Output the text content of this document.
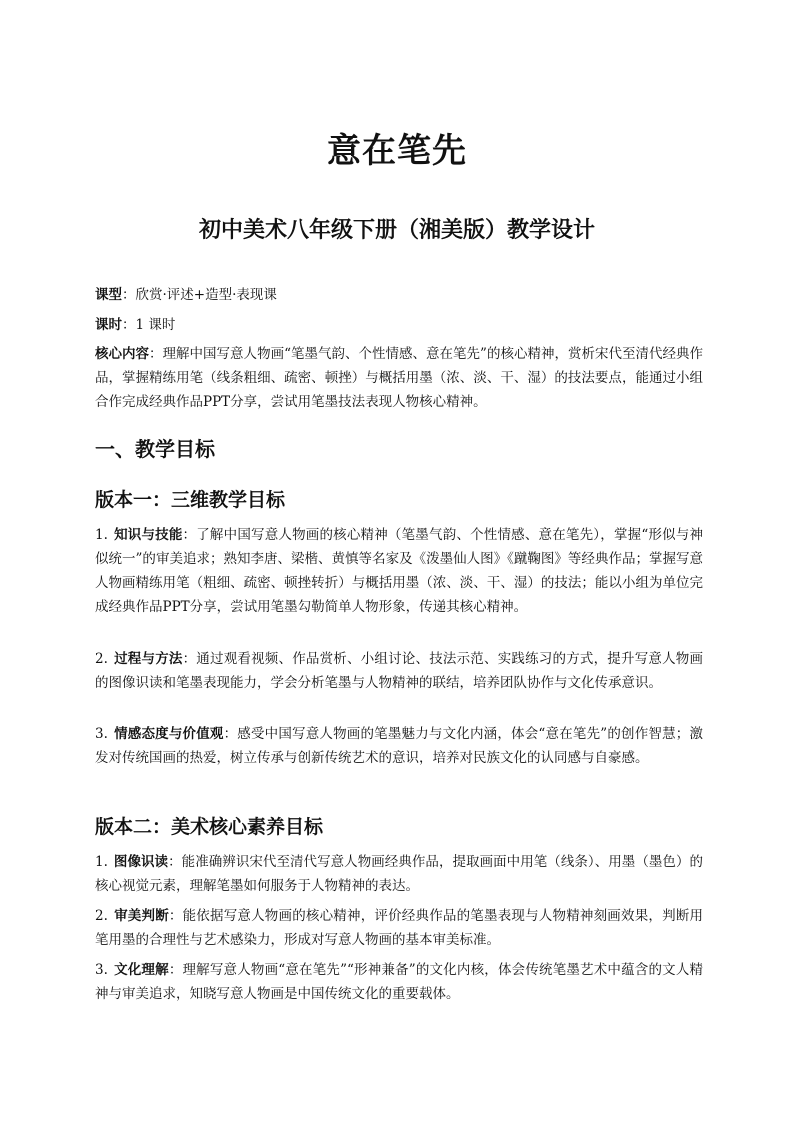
意在笔先
初中美术八年级下册（湘美版）教学设计
课型：欣赏·评述+造型·表现课
课时：1 课时
核心内容：理解中国写意人物画“笔墨气韵、个性情感、意在笔先”的核心精神，赏析宋代至清代经典作品，掌握精练用笔（线条粗细、疏密、顿挫）与概括用墨（浓、淡、干、湿）的技法要点，能通过小组合作完成经典作品PPT分享，尝试用笔墨技法表现人物核心精神。
一、教学目标
版本一：三维教学目标
1. 知识与技能：了解中国写意人物画的核心精神（笔墨气韵、个性情感、意在笔先），掌握“形似与神似统一”的审美追求；熟知李唐、梁楷、黄慎等名家及《泼墨仙人图》《蹴鞠图》等经典作品；掌握写意人物画精练用笔（粗细、疏密、顿挫转折）与概括用墨（浓、淡、干、湿）的技法；能以小组为单位完成经典作品PPT分享，尝试用笔墨勾勒简单人物形象，传递其核心精神。
2. 过程与方法：通过观看视频、作品赏析、小组讨论、技法示范、实践练习的方式，提升写意人物画的图像识读和笔墨表现能力，学会分析笔墨与人物精神的联结，培养团队协作与文化传承意识。
3. 情感态度与价值观：感受中国写意人物画的笔墨魅力与文化内涵，体会“意在笔先”的创作智慧；激发对传统国画的热爱，树立传承与创新传统艺术的意识，培养对民族文化的认同感与自豪感。
版本二：美术核心素养目标
1. 图像识读：能准确辨识宋代至清代写意人物画经典作品，提取画面中用笔（线条）、用墨（墨色）的核心视觉元素，理解笔墨如何服务于人物精神的表达。
2. 审美判断：能依据写意人物画的核心精神，评价经典作品的笔墨表现与人物精神刻画效果，判断用笔用墨的合理性与艺术感染力，形成对写意人物画的基本审美标准。
3. 文化理解：理解写意人物画“意在笔先”“形神兼备”的文化内核，体会传统笔墨艺术中蕴含的文人精神与审美追求，知晓写意人物画是中国传统文化的重要载体。
